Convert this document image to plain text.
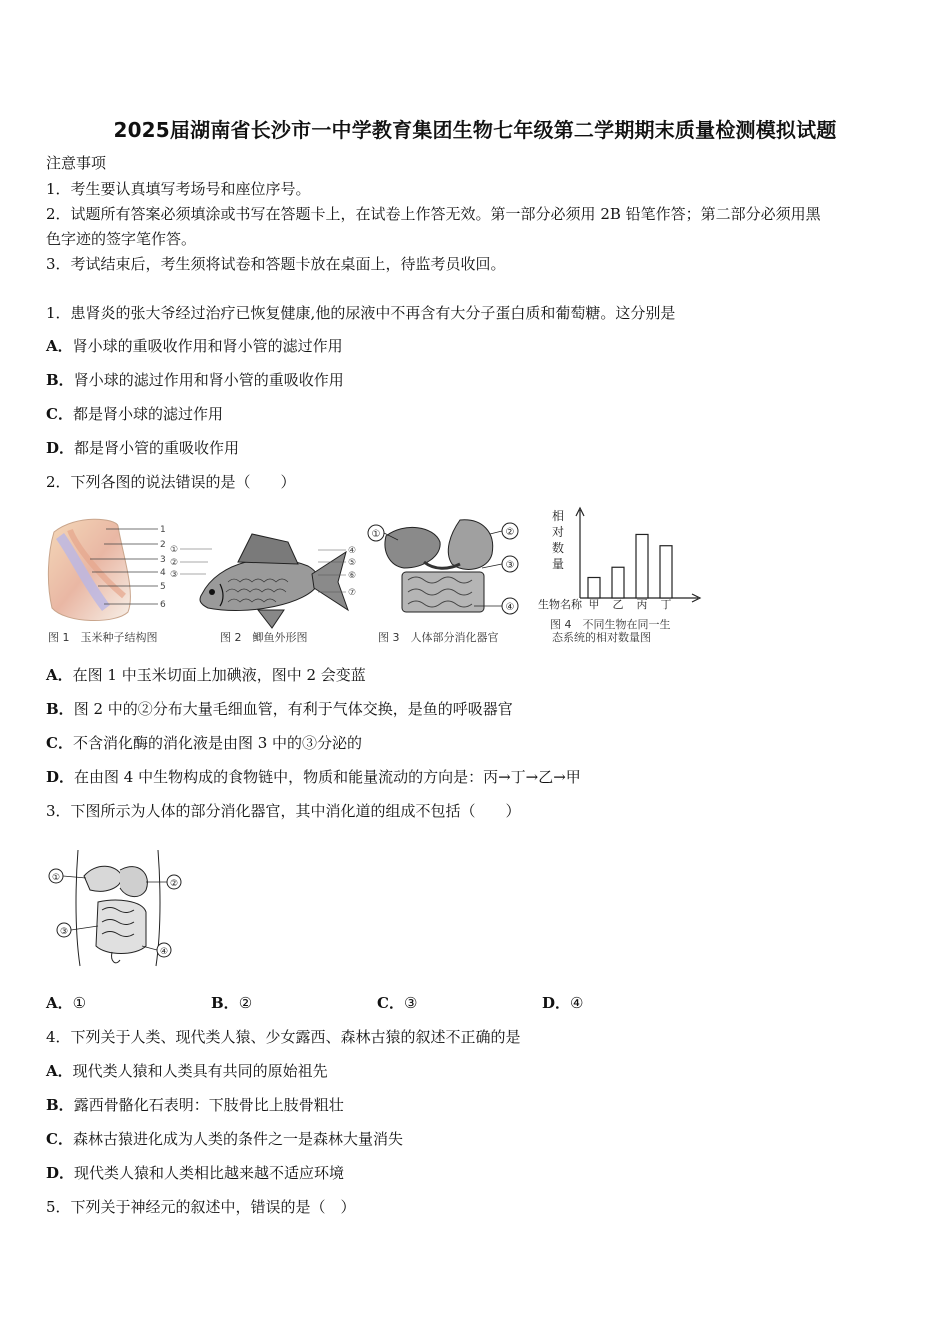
2025届湖南省长沙市一中学教育集团生物七年级第二学期期末质量检测模拟试题
注意事项
1．考生要认真填写考场号和座位序号。
2．试题所有答案必须填涂或书写在答题卡上，在试卷上作答无效。第一部分必须用 2B 铅笔作答；第二部分必须用黑
色字迹的签字笔作答。
3．考试结束后，考生须将试卷和答题卡放在桌面上，待监考员收回。
1．患肾炎的张大爷经过治疗已恢复健康,他的尿液中不再含有大分子蛋白质和葡萄糖。这分别是
A．肾小球的重吸收作用和肾小管的滤过作用
B．肾小球的滤过作用和肾小管的重吸收作用
C．都是肾小球的滤过作用
D．都是肾小管的重吸收作用
2．下列各图的说法错误的是（　　）
1
2
3
4
5
6
图 1　玉米种子结构图
①
②
③
④
⑤
⑥
⑦
图 2　鲫鱼外形图
①	②
③
④
图 3　人体部分消化器官
相
对
数
量
生物名称 甲 乙 丙 丁
图 4　不同生物在同一生
态系统的相对数量图
A．在图 1 中玉米切面上加碘液，图中 2 会变蓝
B．图 2 中的②分布大量毛细血管，有利于气体交换，是鱼的呼吸器官
C．不含消化酶的消化液是由图 3 中的③分泌的
D．在由图 4 中生物构成的食物链中，物质和能量流动的方向是：丙→丁→乙→甲
3．下图所示为人体的部分消化器官，其中消化道的组成不包括（　　）
①
②
③
④
A．①	B．②	C．③	D．④
4．下列关于人类、现代类人猿、少女露西、森林古猿的叙述不正确的是
A．现代类人猿和人类具有共同的原始祖先
B．露西骨骼化石表明：下肢骨比上肢骨粗壮
C．森林古猿进化成为人类的条件之一是森林大量消失
D．现代类人猿和人类相比越来越不适应环境
5．下列关于神经元的叙述中，错误的是（　）
